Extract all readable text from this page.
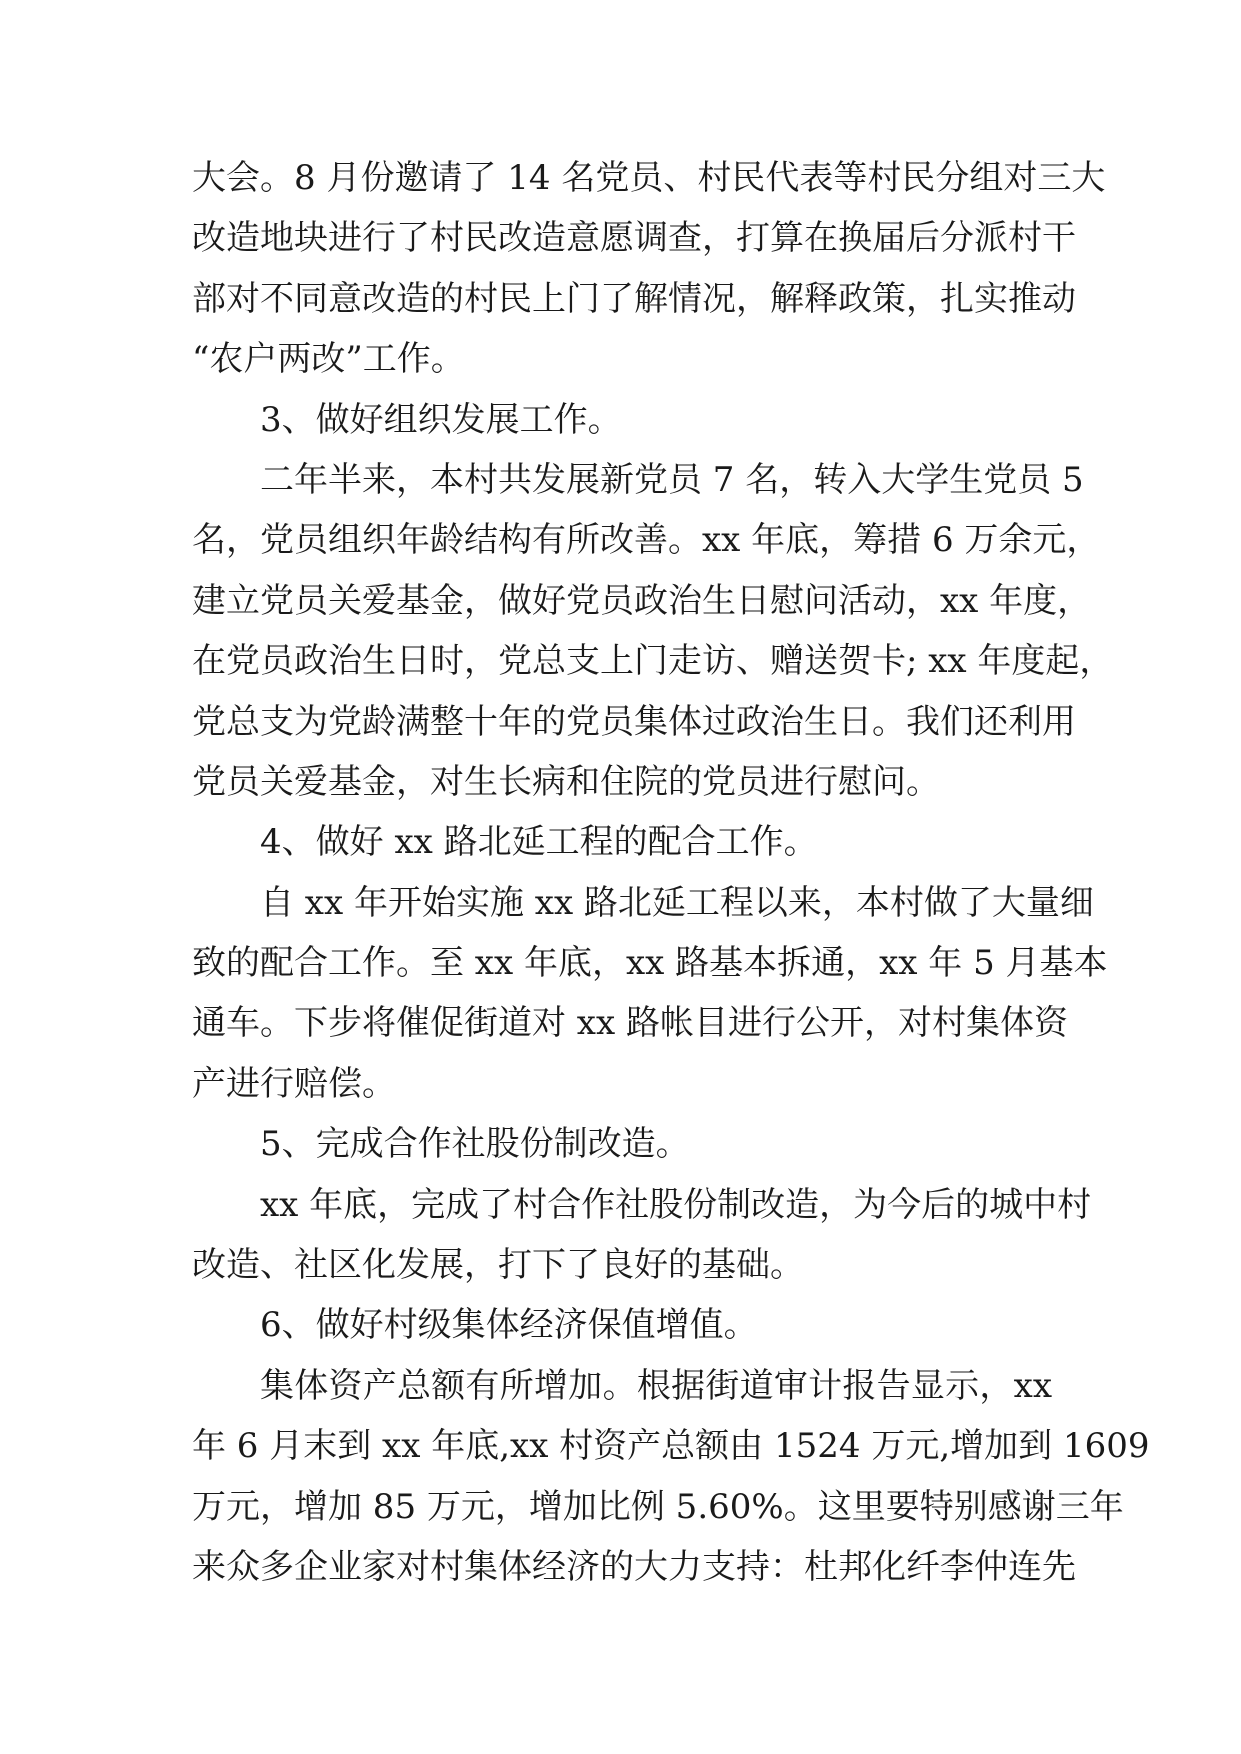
大会。8 月份邀请了 14 名党员、村民代表等村民分组对三大
改造地块进行了村民改造意愿调查，打算在换届后分派村干
部对不同意改造的村民上门了解情况，解释政策，扎实推动
“农户两改”工作。
3、做好组织发展工作。
二年半来，本村共发展新党员 7 名，转入大学生党员 5
名，党员组织年龄结构有所改善。xx 年底，筹措 6 万余元，
建立党员关爱基金，做好党员政治生日慰问活动，xx 年度，
在党员政治生日时，党总支上门走访、赠送贺卡; xx 年度起，
党总支为党龄满整十年的党员集体过政治生日。我们还利用
党员关爱基金，对生长病和住院的党员进行慰问。
4、做好 xx 路北延工程的配合工作。
自 xx 年开始实施 xx 路北延工程以来，本村做了大量细
致的配合工作。至 xx 年底，xx 路基本拆通，xx 年 5 月基本
通车。下步将催促街道对 xx 路帐目进行公开，对村集体资
产进行赔偿。
5、完成合作社股份制改造。
xx 年底，完成了村合作社股份制改造，为今后的城中村
改造、社区化发展，打下了良好的基础。
6、做好村级集体经济保值增值。
集体资产总额有所增加。根据街道审计报告显示，xx
年 6 月末到 xx 年底,xx 村资产总额由 1524 万元,增加到 1609
万元，增加 85 万元，增加比例 5.60%。这里要特别感谢三年
来众多企业家对村集体经济的大力支持：杜邦化纤李仲连先
